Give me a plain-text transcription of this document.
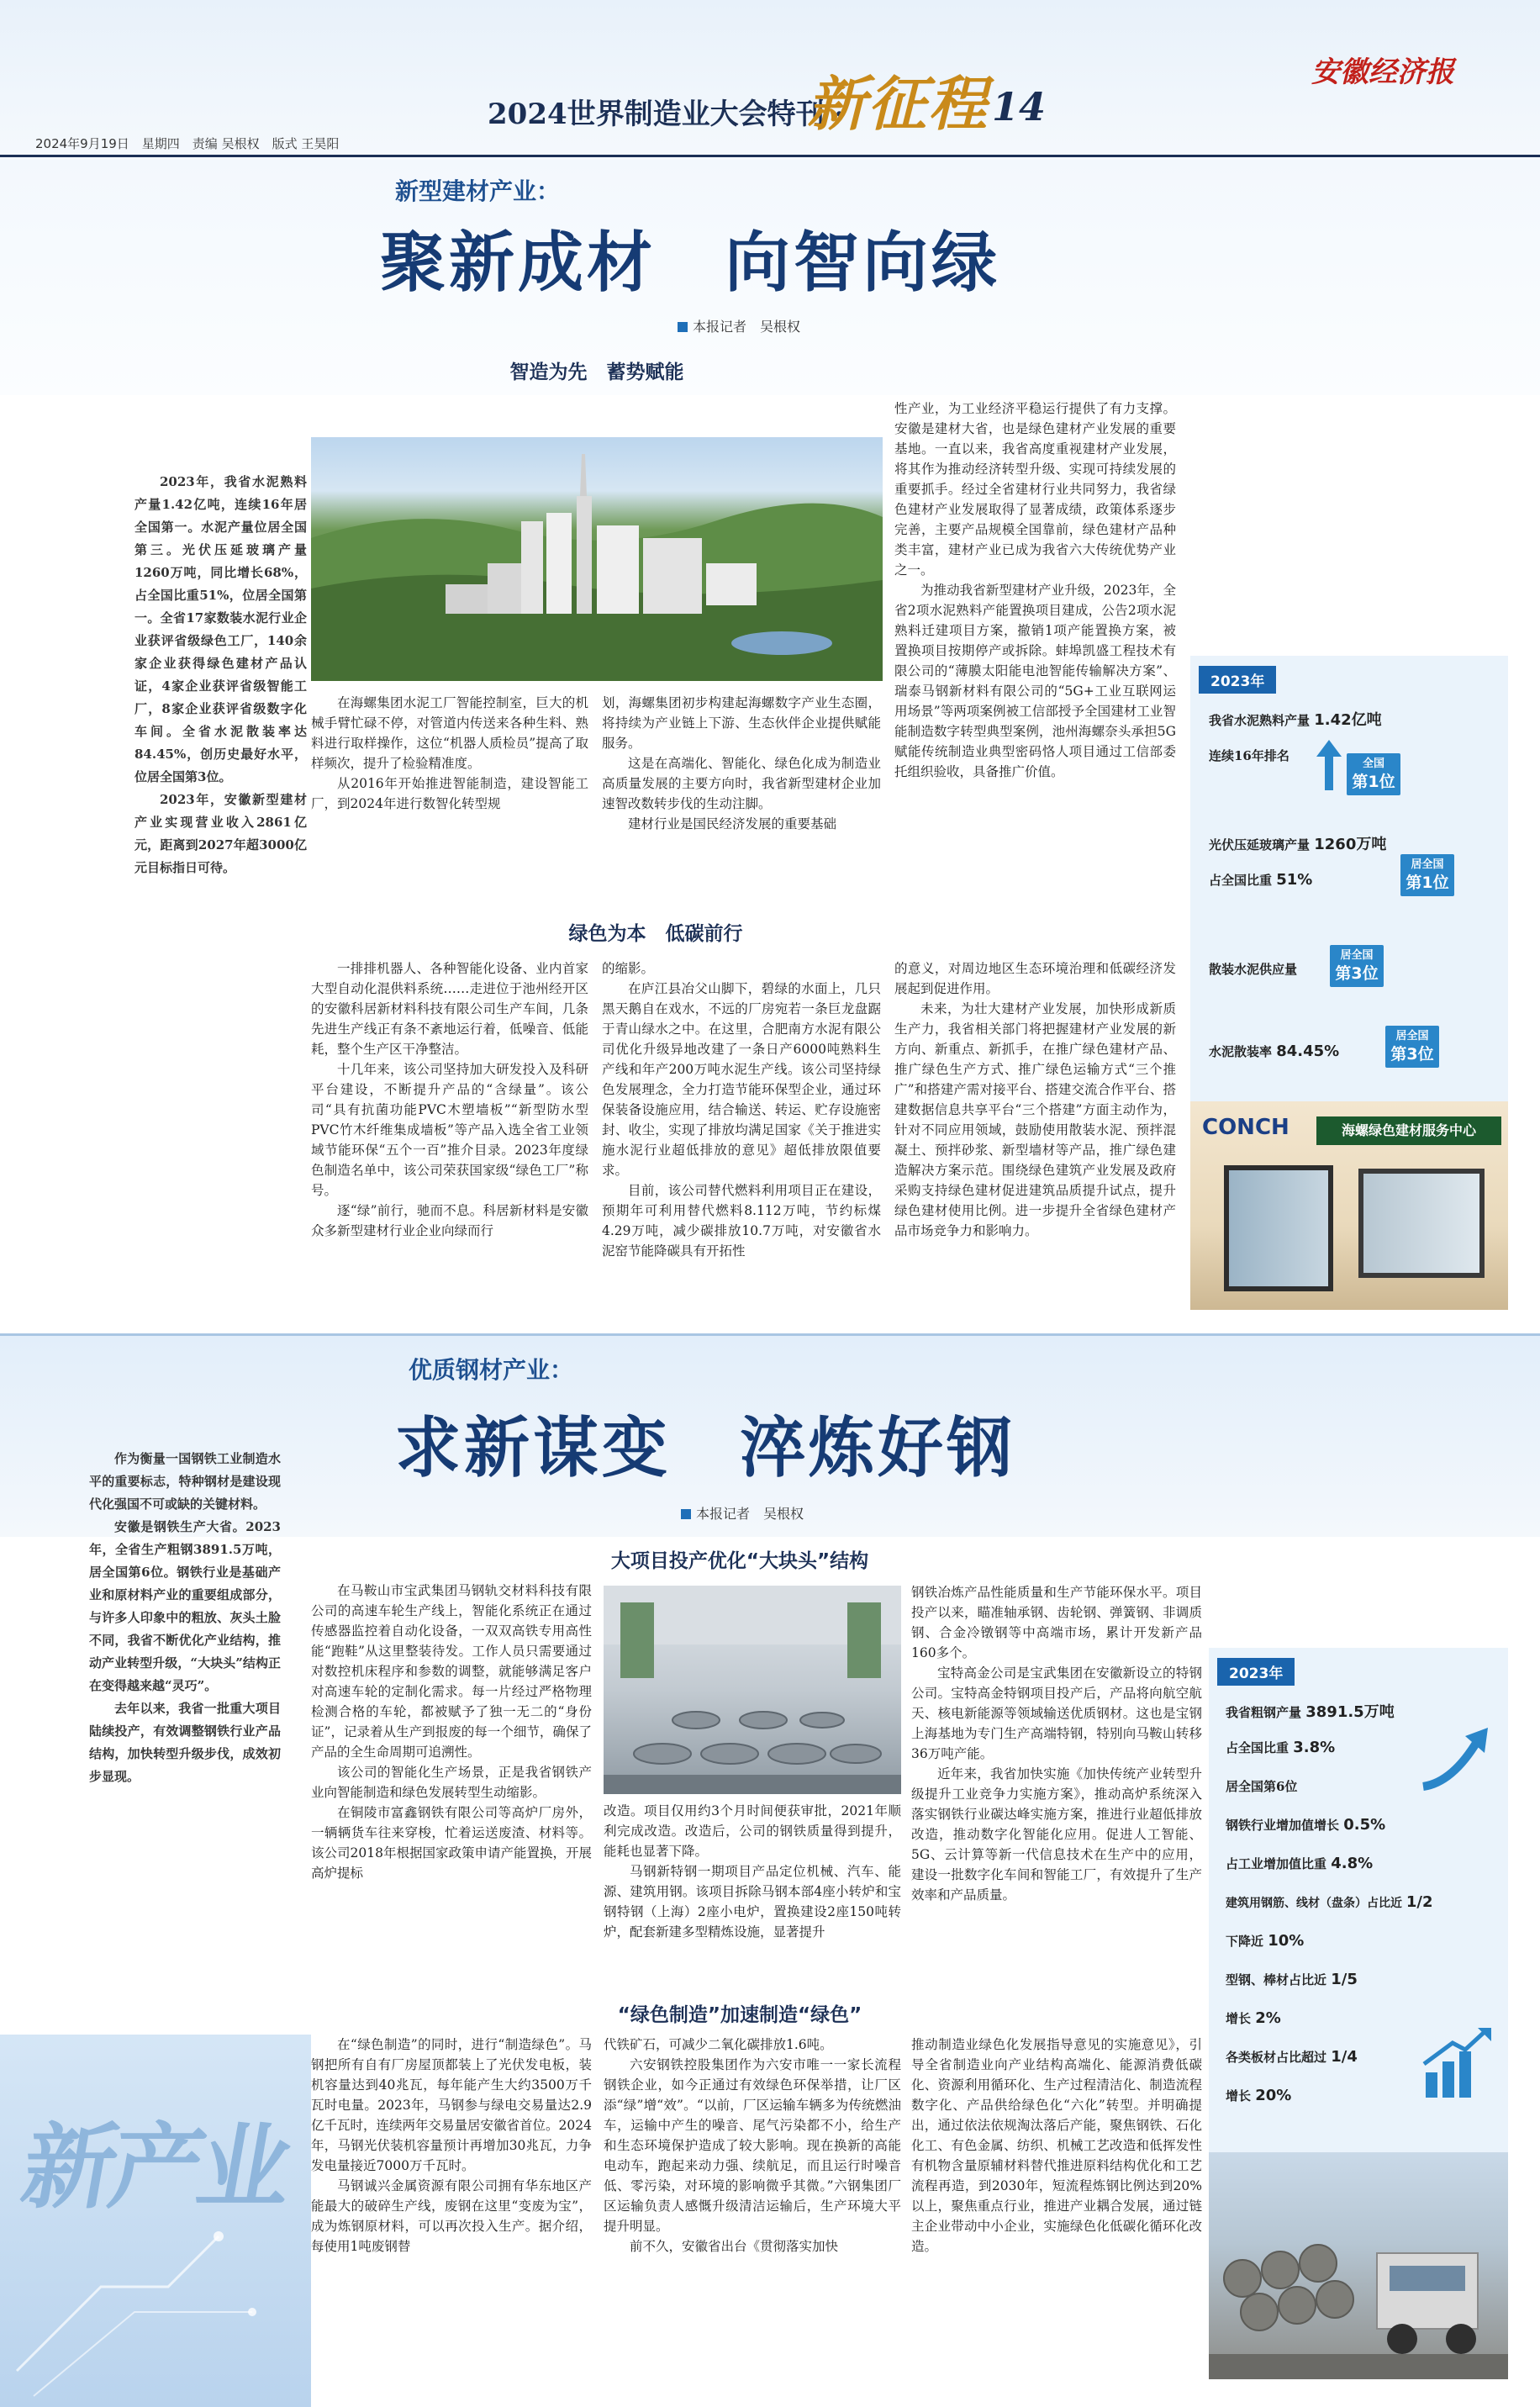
2024世界制造业大会特刊 ·
新征程 14
安徽经济报
2024年9月19日　星期四　责编 吴根权　版式 王昊阳
新型建材产业：
聚新成材　向智向绿
本报记者　吴根权
智造为先　蓄势赋能

2023年，我省水泥熟料产量1.42亿吨，连续16年居全国第一。水泥产量位居全国第三。光伏压延玻璃产量1260万吨，同比增长68%，占全国比重51%，位居全国第一。全省17家数装水泥行业企业获评省级绿色工厂，140余家企业获得绿色建材产品认证，4家企业获评省级智能工厂，8家企业获评省级数字化车间。全省水泥散装率达84.45%，创历史最好水平，位居全国第3位。

2023年，安徽新型建材产业实现营业收入2861亿元，距离到2027年超3000亿元目标指日可待。

在海螺集团水泥工厂智能控制室，巨大的机械手臂忙碌不停，对管道内传送来各种生料、熟料进行取样操作，这位“机器人质检员”提高了取样频次，提升了检验精准度。

从2016年开始推进智能制造，建设智能工厂，到2024年进行数智化转型规

划，海螺集团初步构建起海螺数字产业生态圈，将持续为产业链上下游、生态伙伴企业提供赋能服务。

这是在高端化、智能化、绿色化成为制造业高质量发展的主要方向时，我省新型建材企业加速智改数转步伐的生动注脚。

建材行业是国民经济发展的重要基础

性产业，为工业经济平稳运行提供了有力支撑。安徽是建材大省，也是绿色建材产业发展的重要基地。一直以来，我省高度重视建材产业发展，将其作为推动经济转型升级、实现可持续发展的重要抓手。经过全省建材行业共同努力，我省绿色建材产业发展取得了显著成绩，政策体系逐步完善，主要产品规模全国靠前，绿色建材产品种类丰富，建材产业已成为我省六大传统优势产业之一。

为推动我省新型建材产业升级，2023年，全省2项水泥熟料产能置换项目建成，公告2项水泥熟料迁建项目方案，撤销1项产能置换方案，被置换项目按期停产或拆除。蚌埠凯盛工程技术有限公司的“薄膜太阳能电池智能传输解决方案”、瑞泰马钢新材料有限公司的“5G+工业互联网运用场景”等两项案例被工信部授予全国建材工业智能制造数字转型典型案例，池州海螺奈头承担5G赋能传统制造业典型密码恪人项目通过工信部委托组织验收，具备推广价值。

绿色为本　低碳前行

一排排机器人、各种智能化设备、业内首家大型自动化混供料系统……走进位于池州经开区的安徽科居新材料科技有限公司生产车间，几条先进生产线正有条不紊地运行着，低噪音、低能耗，整个生产区干净整洁。

十几年来，该公司坚持加大研发投入及科研平台建设，不断提升产品的“含绿量”。该公司“具有抗菌功能PVC木塑墙板”“新型防水型PVC竹木纤维集成墙板”等产品入选全省工业领域节能环保“五个一百”推介目录。2023年度绿色制造名单中，该公司荣获国家级“绿色工厂”称号。

逐“绿”前行，驰而不息。科居新材料是安徽众多新型建材行业企业向绿而行

的缩影。

在庐江县冶父山脚下，碧绿的水面上，几只黑天鹅自在戏水，不远的厂房宛若一条巨龙盘踞于青山绿水之中。在这里，合肥南方水泥有限公司优化升级异地改建了一条日产6000吨熟料生产线和年产200万吨水泥生产线。该公司坚持绿色发展理念，全力打造节能环保型企业，通过环保装备设施应用，结合输送、转运、贮存设施密封、收尘，实现了排放均满足国家《关于推进实施水泥行业超低排放的意见》超低排放限值要求。

目前，该公司替代燃料利用项目正在建设，预期年可利用替代燃料8.112万吨，节约标煤4.29万吨，减少碳排放10.7万吨，对安徽省水泥窑节能降碳具有开拓性

的意义，对周边地区生态环境治理和低碳经济发展起到促进作用。

未来，为壮大建材产业发展，加快形成新质生产力，我省相关部门将把握建材产业发展的新方向、新重点、新抓手，在推广绿色建材产品、推广绿色生产方式、推广绿色运输方式“三个推广”和搭建产需对接平台、搭建交流合作平台、搭建数据信息共享平台“三个搭建”方面主动作为，针对不同应用领域，鼓励使用散装水泥、预拌混凝土、预拌砂浆、新型墙材等产品，推广绿色建造解决方案示范。围绕绿色建筑产业发展及政府采购支持绿色建材促进建筑品质提升试点，提升绿色建材使用比例。进一步提升全省绿色建材产品市场竞争力和影响力。

2023年
我省水泥熟料产量 1.42亿吨
连续16年排名
全国
第1位
光伏压延玻璃产量 1260万吨
占全国比重 51%
居全国
第1位
散装水泥供应量
居全国
第3位
水泥散装率 84.45%
居全国
第3位
CONCH	海螺绿色建材服务中心
优质钢材产业：
求新谋变　淬炼好钢
本报记者　吴根权
大项目投产优化“大块头”结构

作为衡量一国钢铁工业制造水平的重要标志，特种钢材是建设现代化强国不可或缺的关键材料。

安徽是钢铁生产大省。2023年，全省生产粗钢3891.5万吨，居全国第6位。钢铁行业是基础产业和原材料产业的重要组成部分，与许多人印象中的粗放、灰头土脸不同，我省不断优化产业结构，推动产业转型升级，“大块头”结构正在变得越来越“灵巧”。

去年以来，我省一批重大项目陆续投产，有效调整钢铁行业产品结构，加快转型升级步伐，成效初步显现。

新产业

在马鞍山市宝武集团马钢轨交材料科技有限公司的高速车轮生产线上，智能化系统正在通过传感器监控着自动化设备，一双双高铁专用高性能“跑鞋”从这里整装待发。工作人员只需要通过对数控机床程序和参数的调整，就能够满足客户对高速车轮的定制化需求。每一片经过严格物理检测合格的车轮，都被赋予了独一无二的“身份证”，记录着从生产到报废的每一个细节，确保了产品的全生命周期可追溯性。

该公司的智能化生产场景，正是我省钢铁产业向智能制造和绿色发展转型生动缩影。

在铜陵市富鑫钢铁有限公司等高炉厂房外，一辆辆货车往来穿梭，忙着运送废渣、材料等。该公司2018年根据国家政策申请产能置换，开展高炉提标

改造。项目仅用约3个月时间便获审批，2021年顺利完成改造。改造后，公司的钢铁质量得到提升，能耗也显著下降。

马钢新特钢一期项目产品定位机械、汽车、能源、建筑用钢。该项目拆除马钢本部4座小转炉和宝钢特钢（上海）2座小电炉，置换建设2座150吨转炉，配套新建多型精炼设施，显著提升

钢铁冶炼产品性能质量和生产节能环保水平。项目投产以来，瞄准轴承钢、齿轮钢、弹簧钢、非调质钢、合金冷镦钢等中高端市场，累计开发新产品160多个。

宝特高金公司是宝武集团在安徽新设立的特钢公司。宝特高金特钢项目投产后，产品将向航空航天、核电新能源等领域输送优质钢材。这也是宝钢上海基地为专门生产高端特钢，特别向马鞍山转移36万吨产能。

近年来，我省加快实施《加快传统产业转型升级提升工业竞争力实施方案》，推动高炉系统深入落实钢铁行业碳达峰实施方案，推进行业超低排放改造，推动数字化智能化应用。促进人工智能、5G、云计算等新一代信息技术在生产中的应用，建设一批数字化车间和智能工厂，有效提升了生产效率和产品质量。

“绿色制造”加速制造“绿色”

在“绿色制造”的同时，进行“制造绿色”。马钢把所有自有厂房屋顶都装上了光伏发电板，装机容量达到40兆瓦，每年能产生大约3500万千瓦时电量。2023年，马钢参与绿电交易量达2.9亿千瓦时，连续两年交易量居安徽省首位。2024年，马钢光伏装机容量预计再增加30兆瓦，力争发电量接近7000万千瓦时。

马钢诚兴金属资源有限公司拥有华东地区产能最大的破碎生产线，废钢在这里“变废为宝”，成为炼钢原材料，可以再次投入生产。据介绍，每使用1吨废钢替

代铁矿石，可减少二氧化碳排放1.6吨。

六安钢铁控股集团作为六安市唯一一家长流程钢铁企业，如今正通过有效绿色环保举措，让厂区添“绿”增“效”。“以前，厂区运输车辆多为传统燃油车，运输中产生的噪音、尾气污染都不小，给生产和生态环境保护造成了较大影响。现在换新的高能电动车，跑起来动力强、续航足，而且运行时噪音低、零污染，对环境的影响微乎其微。”六钢集团厂区运输负责人感慨升级清洁运输后，生产环境大平提升明显。

前不久，安徽省出台《贯彻落实加快

推动制造业绿色化发展指导意见的实施意见》，引导全省制造业向产业结构高端化、能源消费低碳化、资源利用循环化、生产过程清洁化、制造流程数字化、产品供给绿色化“六化”转型。并明确提出，通过依法依规淘汰落后产能，聚焦钢铁、石化化工、有色金属、纺织、机械工艺改造和低挥发性有机物含量原辅材料替代推进原料结构优化和工艺流程再造，到2030年，短流程炼钢比例达到20%以上，聚焦重点行业，推进产业耦合发展，通过链主企业带动中小企业，实施绿色化低碳化循环化改造。

2023年
我省粗钢产量 3891.5万吨
占全国比重 3.8%
居全国第6位
钢铁行业增加值增长 0.5%
占工业增加值比重 4.8%
建筑用钢筋、线材（盘条）占比近 1/2
下降近 10%
型钢、棒材占比近 1/5
增长 2%
各类板材占比超过 1/4
增长 20%
